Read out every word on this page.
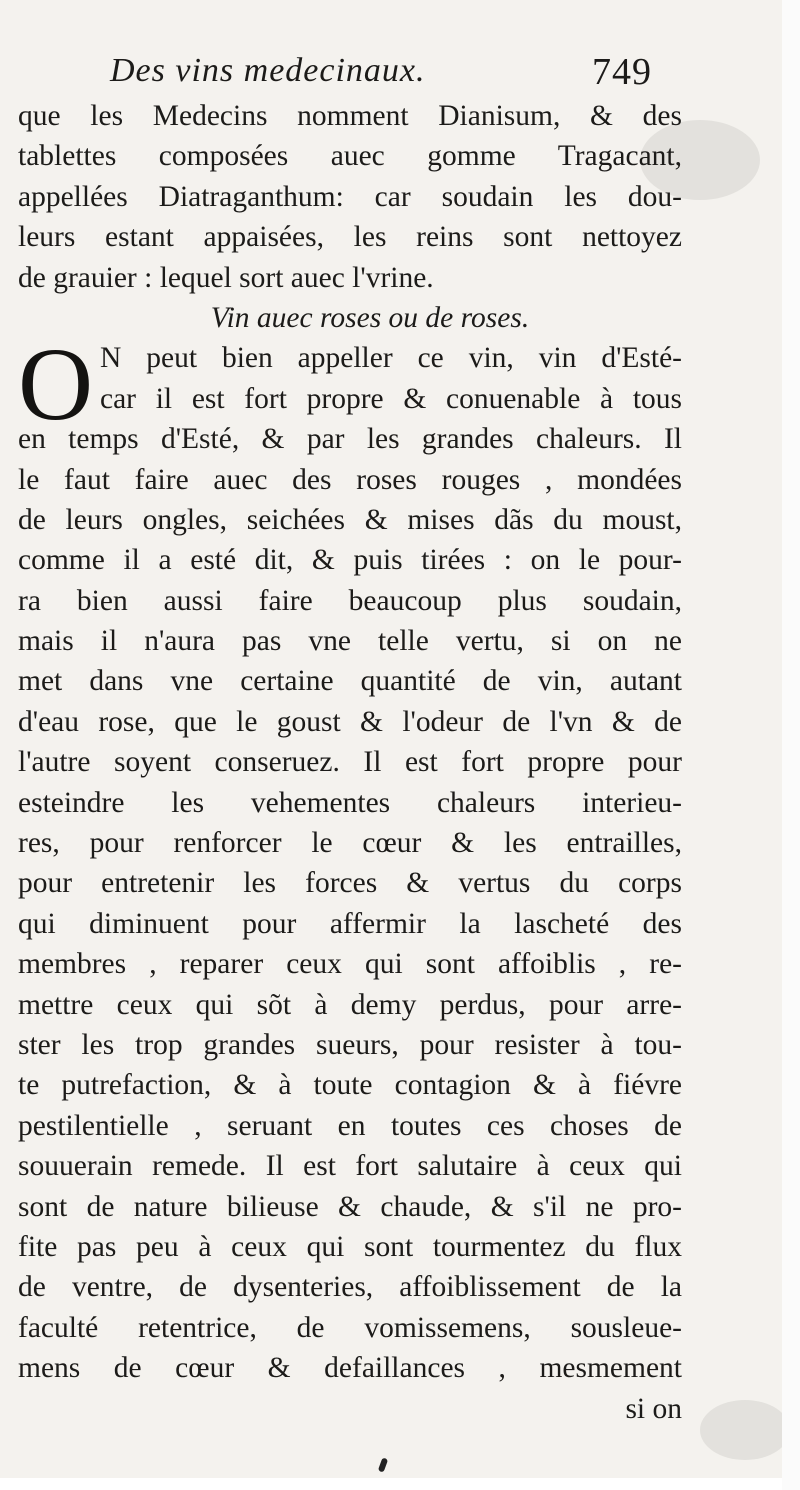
Des vins medecinaux.	749
O
que les Medecins nomment Dianisum, & des
tablettes composées auec gomme Tragacant,
appellées Diatraganthum: car soudain les dou-
leurs estant appaisées, les reins sont nettoyez
de grauier : lequel sort auec l'vrine.
Vin auec roses ou de roses.
N peut bien appeller ce vin, vin d'Esté-
car il est fort propre & conuenable à tous
en temps d'Esté, & par les grandes chaleurs. Il
le faut faire auec des roses rouges , mondées
de leurs ongles, seichées & mises dãs du moust,
comme il a esté dit, & puis tirées : on le pour-
ra bien aussi faire beaucoup plus soudain,
mais il n'aura pas vne telle vertu, si on ne
met dans vne certaine quantité de vin, autant
d'eau rose, que le goust & l'odeur de l'vn & de
l'autre soyent conseruez. Il est fort propre pour
esteindre les vehementes chaleurs interieu-
res, pour renforcer le cœur & les entrailles,
pour entretenir les forces & vertus du corps
qui diminuent pour affermir la lascheté des
membres , reparer ceux qui sont affoiblis , re-
mettre ceux qui sõt à demy perdus, pour arre-
ster les trop grandes sueurs, pour resister à tou-
te putrefaction, & à toute contagion & à fiévre
pestilentielle , seruant en toutes ces choses de
souuerain remede. Il est fort salutaire à ceux qui
sont de nature bilieuse & chaude, & s'il ne pro-
fite pas peu à ceux qui sont tourmentez du flux
de ventre, de dysenteries, affoiblissement de la
faculté retentrice, de vomissemens, sousleue-
mens de cœur & defaillances , mesmement
si on
